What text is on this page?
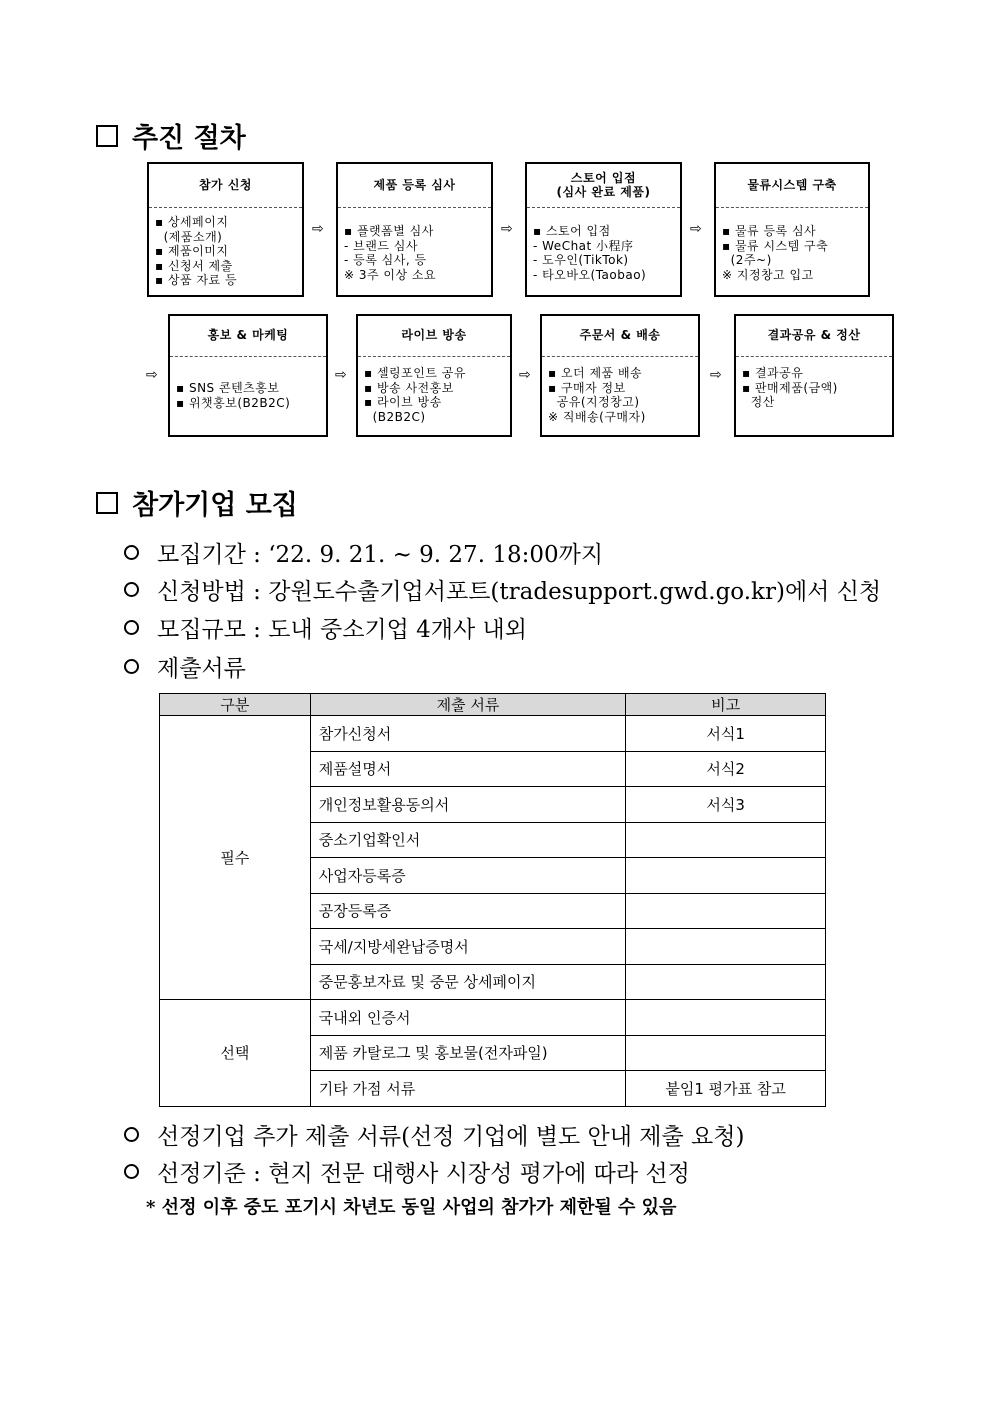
추진 절차
참가 신청
▪ 상세페이지
(제품소개)
▪ 제품이미지
▪ 신청서 제출
▪ 상품 자료 등
⇨
제품 등록 심사
▪ 플랫폼별 심사
- 브랜드 심사
- 등록 심사, 등
※ 3주 이상 소요
⇨
스토어 입점
(심사 완료 제품)
▪ 스토어 입점
- WeChat 小程序
- 도우인(TikTok)
- 타오바오(Taobao)
⇨
물류시스템 구축
▪ 물류 등록 심사
▪ 물류 시스템 구축
(2주~)
※ 지정창고 입고
⇨
홍보 & 마케팅
▪ SNS 콘텐츠홍보
▪ 위챗홍보(B2B2C)
⇨
라이브 방송
▪ 셀링포인트 공유
▪ 방송 사전홍보
▪ 라이브 방송
(B2B2C)
⇨
주문서 & 배송
▪ 오더 제품 배송
▪ 구매자 정보
공유(지정창고)
※ 직배송(구매자)
⇨
결과공유 & 정산
▪ 결과공유
▪ 판매제품(금액)
정산
참가기업 모집
모집기간 : ‘22. 9. 21. ~ 9. 27. 18:00까지
신청방법 : 강원도수출기업서포트(tradesupport.gwd.go.kr)에서 신청
모집규모 : 도내 중소기업 4개사 내외
제출서류
구분	제출 서류	비고
필수	참가신청서	서식1
	제품설명서	서식2
	개인정보활용동의서	서식3
	중소기업확인서	
	사업자등록증	
	공장등록증	
	국세/지방세완납증명서	
	중문홍보자료 및 중문 상세페이지	
선택	국내외 인증서	
	제품 카탈로그 및 홍보물(전자파일)	
	기타 가점 서류	붙임1 평가표 참고
선정기업 추가 제출 서류(선정 기업에 별도 안내 제출 요청)
선정기준 : 현지 전문 대행사 시장성 평가에 따라 선정
* 선정 이후 중도 포기시 차년도 동일 사업의 참가가 제한될 수 있음
